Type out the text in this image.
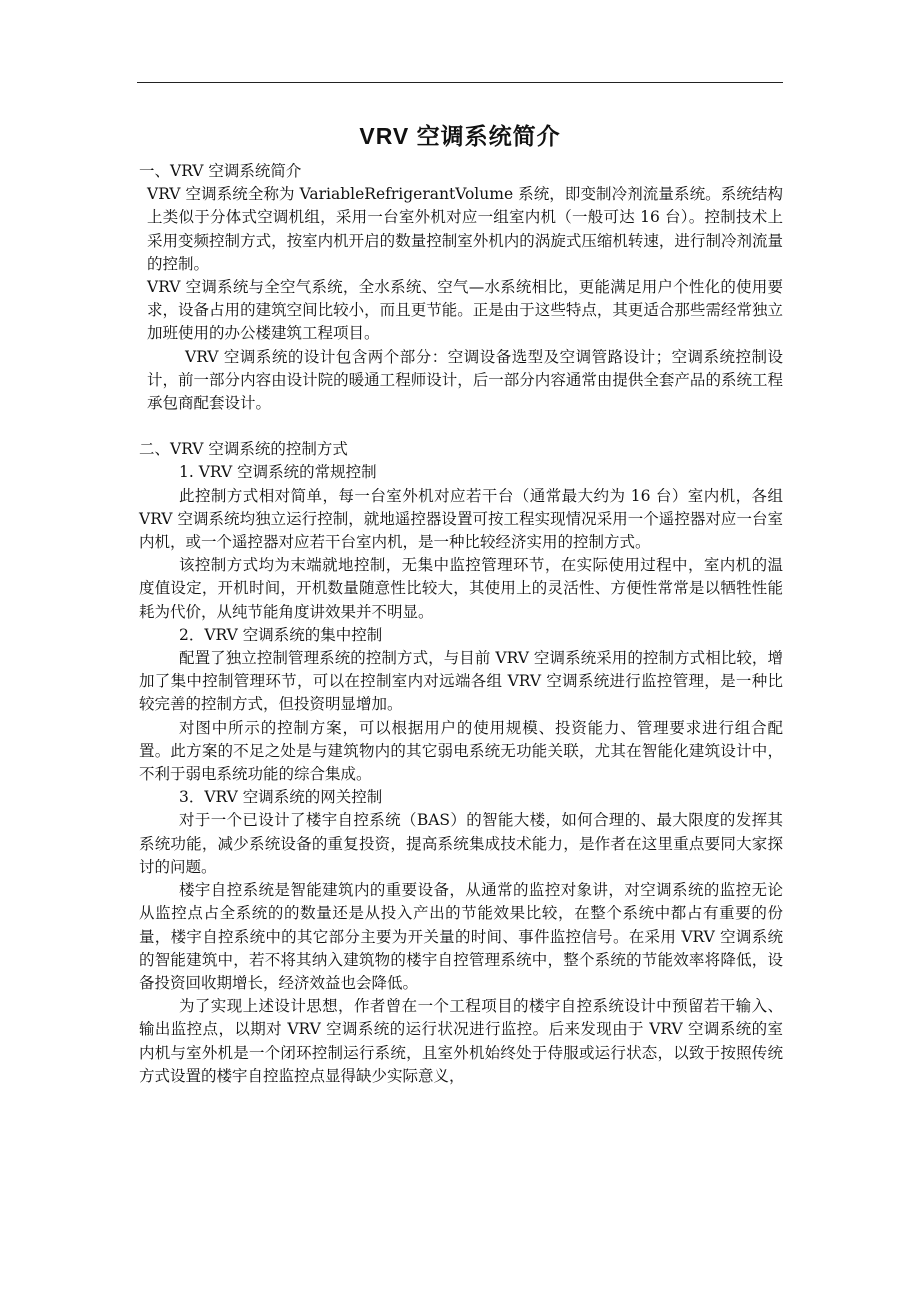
VRV 空调系统简介

一、VRV 空调系统简介

VRV 空调系统全称为 VariableRefrigerantVolume 系统，即变制冷剂流量系统。系统结构上类似于分体式空调机组，采用一台室外机对应一组室内机（一般可达 16 台）。控制技术上采用变频控制方式，按室内机开启的数量控制室外机内的涡旋式压缩机转速，进行制冷剂流量的控制。

VRV 空调系统与全空气系统，全水系统、空气—水系统相比，更能满足用户个性化的使用要求，设备占用的建筑空间比较小，而且更节能。正是由于这些特点，其更适合那些需经常独立加班使用的办公楼建筑工程项目。

VRV 空调系统的设计包含两个部分：空调设备选型及空调管路设计；空调系统控制设计，前一部分内容由设计院的暖通工程师设计，后一部分内容通常由提供全套产品的系统工程承包商配套设计。

二、VRV 空调系统的控制方式

1. VRV 空调系统的常规控制

此控制方式相对简单，每一台室外机对应若干台（通常最大约为 16 台）室内机，各组 VRV 空调系统均独立运行控制，就地遥控器设置可按工程实现情况采用一个遥控器对应一台室内机，或一个遥控器对应若干台室内机，是一种比较经济实用的控制方式。

该控制方式均为末端就地控制，无集中监控管理环节，在实际使用过程中，室内机的温度值设定，开机时间，开机数量随意性比较大，其使用上的灵活性、方便性常常是以牺牲性能耗为代价，从纯节能角度讲效果并不明显。

2．VRV 空调系统的集中控制

配置了独立控制管理系统的控制方式，与目前 VRV 空调系统采用的控制方式相比较，增加了集中控制管理环节，可以在控制室内对远端各组 VRV 空调系统进行监控管理，是一种比较完善的控制方式，但投资明显增加。

对图中所示的控制方案，可以根据用户的使用规模、投资能力、管理要求进行组合配置。此方案的不足之处是与建筑物内的其它弱电系统无功能关联，尤其在智能化建筑设计中，不利于弱电系统功能的综合集成。

3．VRV 空调系统的网关控制

对于一个已设计了楼宇自控系统（BAS）的智能大楼，如何合理的、最大限度的发挥其系统功能，减少系统设备的重复投资，提高系统集成技术能力，是作者在这里重点要同大家探讨的问题。

楼宇自控系统是智能建筑内的重要设备，从通常的监控对象讲，对空调系统的监控无论从监控点占全系统的的数量还是从投入产出的节能效果比较，在整个系统中都占有重要的份量，楼宇自控系统中的其它部分主要为开关量的时间、事件监控信号。在采用 VRV 空调系统的智能建筑中，若不将其纳入建筑物的楼宇自控管理系统中，整个系统的节能效率将降低，设备投资回收期增长，经济效益也会降低。

为了实现上述设计思想，作者曾在一个工程项目的楼宇自控系统设计中预留若干输入、输出监控点，以期对 VRV 空调系统的运行状况进行监控。后来发现由于 VRV 空调系统的室内机与室外机是一个闭环控制运行系统，且室外机始终处于侍服或运行状态，以致于按照传统方式设置的楼宇自控监控点显得缺少实际意义，
